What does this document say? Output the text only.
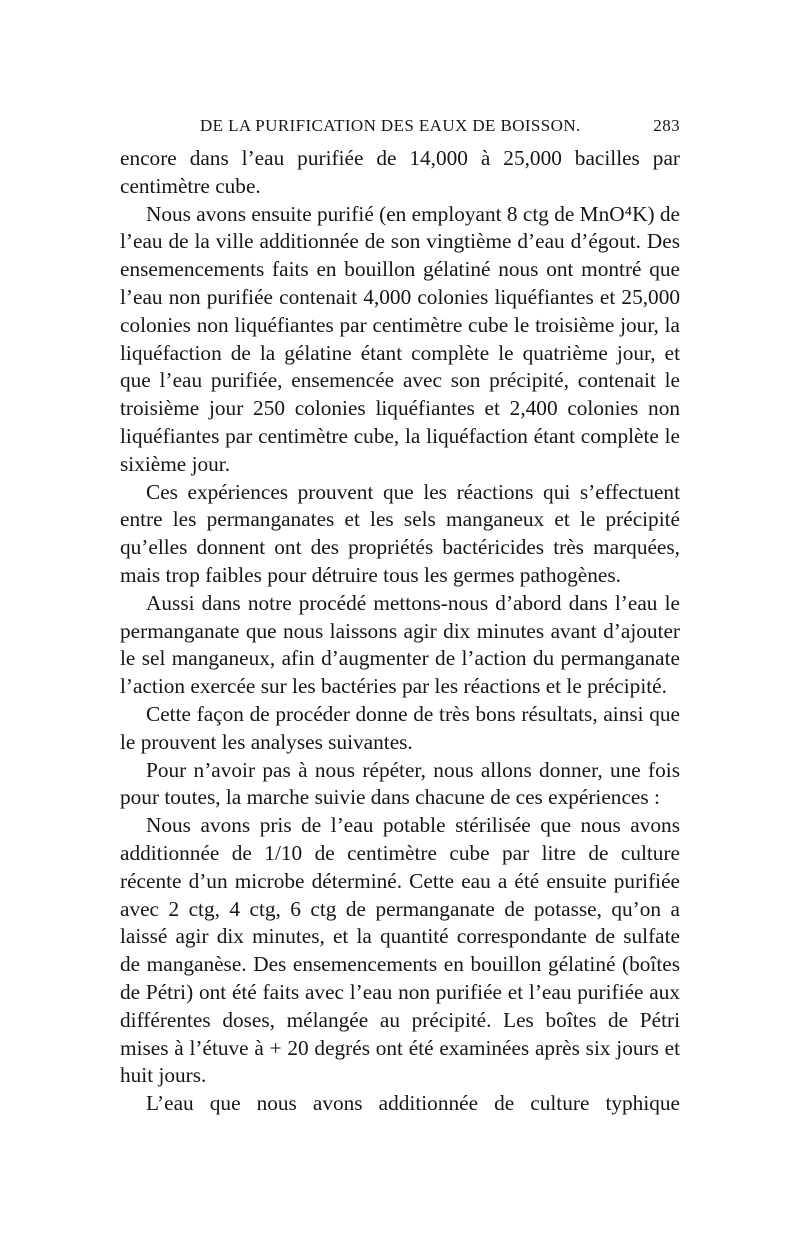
DE LA PURIFICATION DES EAUX DE BOISSON.	283

encore dans l’eau purifiée de 14,000 à 25,000 bacilles par centimètre cube.

Nous avons ensuite purifié (en employant 8 ctg de MnO⁴K) de l’eau de la ville additionnée de son vingtième d’eau d’égout. Des ensemencements faits en bouillon gélatiné nous ont montré que l’eau non purifiée contenait 4,000 colonies liquéfiantes et 25,000 colonies non liquéfiantes par centimètre cube le troisième jour, la liquéfaction de la gélatine étant complète le quatrième jour, et que l’eau purifiée, ensemencée avec son précipité, contenait le troisième jour 250 colonies liquéfiantes et 2,400 colonies non liquéfiantes par centimètre cube, la liquéfaction étant complète le sixième jour.

Ces expériences prouvent que les réactions qui s’effectuent entre les permanganates et les sels manganeux et le précipité qu’elles donnent ont des propriétés bactéricides très marquées, mais trop faibles pour détruire tous les germes pathogènes.

Aussi dans notre procédé mettons-nous d’abord dans l’eau le permanganate que nous laissons agir dix minutes avant d’ajouter le sel manganeux, afin d’augmenter de l’action du permanganate l’action exercée sur les bactéries par les réactions et le précipité.

Cette façon de procéder donne de très bons résultats, ainsi que le prouvent les analyses suivantes.

Pour n’avoir pas à nous répéter, nous allons donner, une fois pour toutes, la marche suivie dans chacune de ces expériences :

Nous avons pris de l’eau potable stérilisée que nous avons additionnée de 1/10 de centimètre cube par litre de culture récente d’un microbe déterminé. Cette eau a été ensuite purifiée avec 2 ctg, 4 ctg, 6 ctg de permanganate de potasse, qu’on a laissé agir dix minutes, et la quantité correspondante de sulfate de manganèse. Des ensemencements en bouillon gélatiné (boîtes de Pétri) ont été faits avec l’eau non purifiée et l’eau purifiée aux différentes doses, mélangée au précipité. Les boîtes de Pétri mises à l’étuve à + 20 degrés ont été examinées après six jours et huit jours.

L’eau que nous avons additionnée de culture typhique
